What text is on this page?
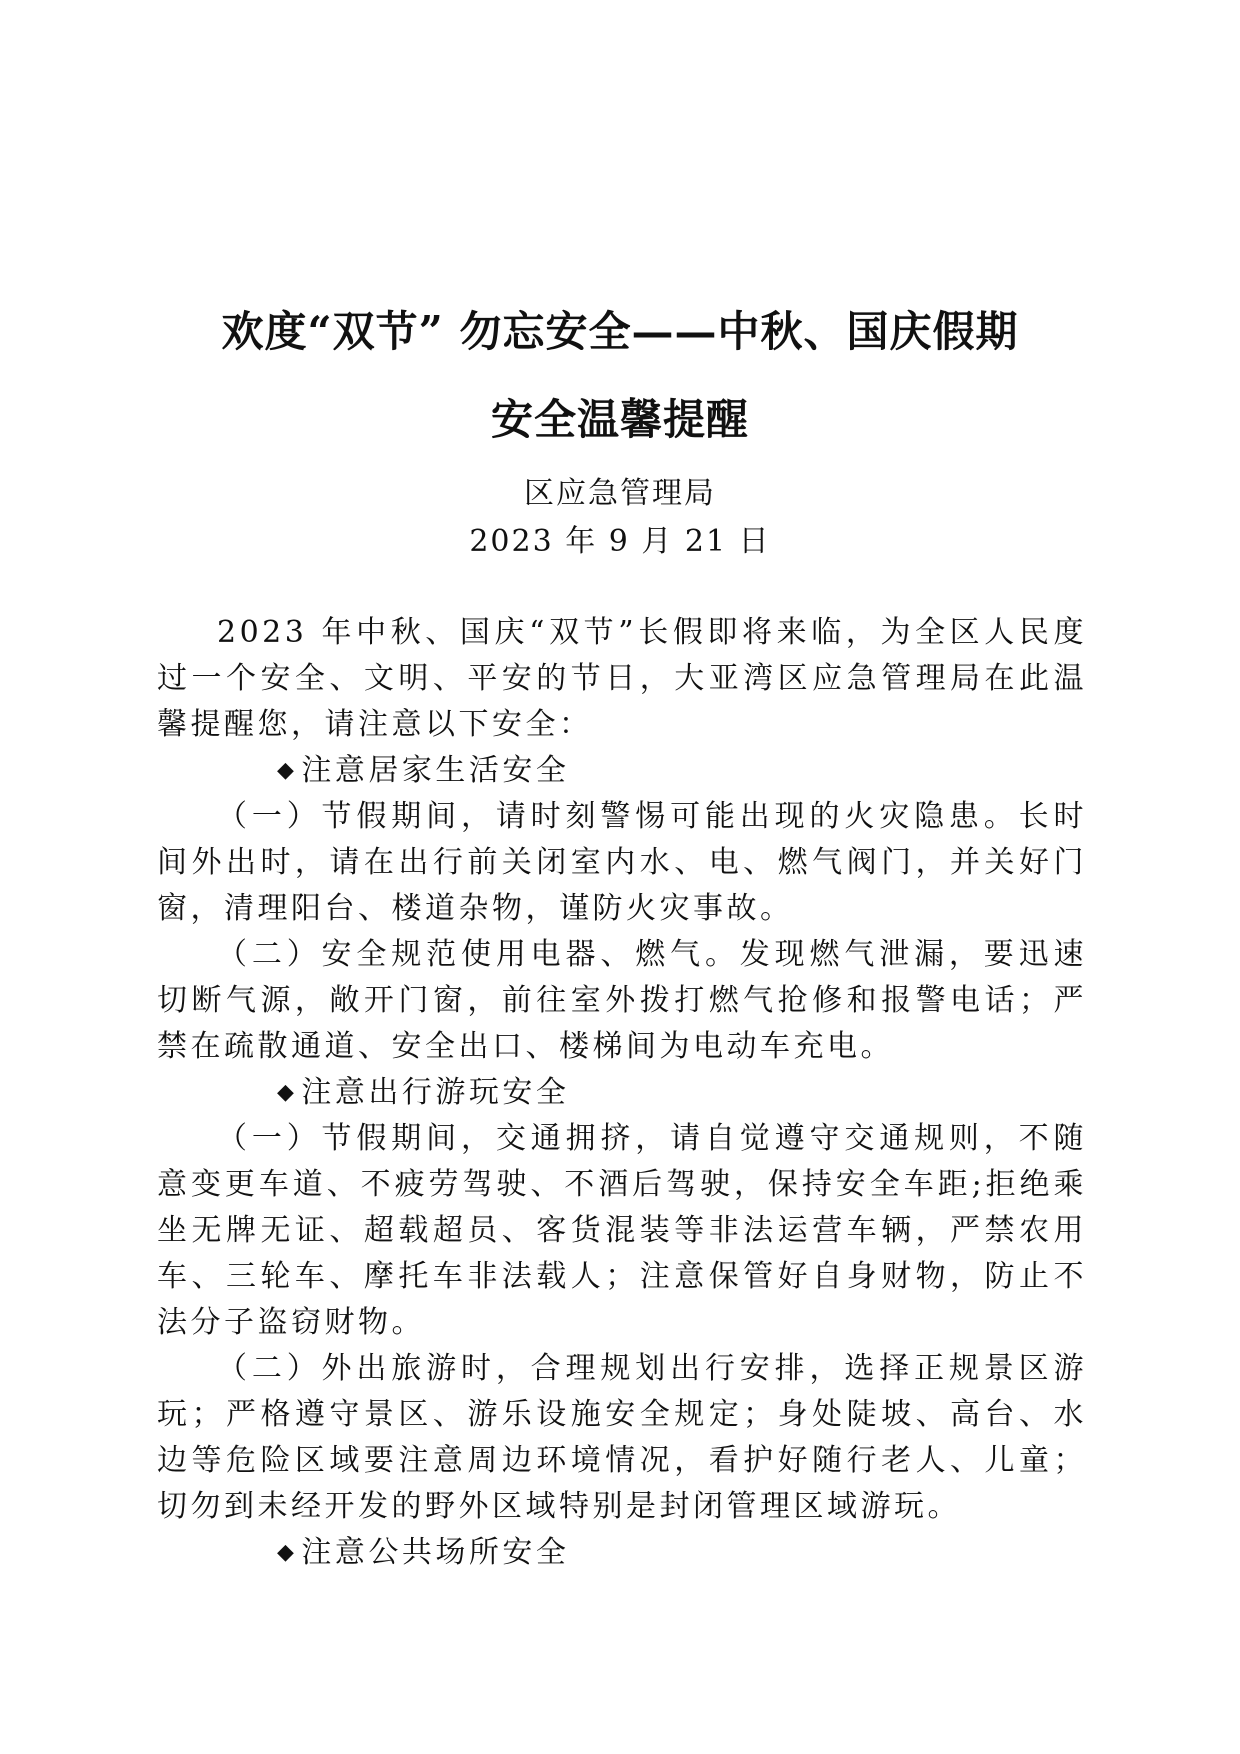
欢度“双节” 勿忘安全——中秋、国庆假期
安全温馨提醒
区应急管理局
2023 年 9 月 21 日

2023 年中秋、国庆“双节”长假即将来临，为全区人民度过一个安全、文明、平安的节日，大亚湾区应急管理局在此温馨提醒您，请注意以下安全：

◆ 注意居家生活安全

（一）节假期间，请时刻警惕可能出现的火灾隐患。长时间外出时，请在出行前关闭室内水、电、燃气阀门，并关好门窗，清理阳台、楼道杂物，谨防火灾事故。

（二）安全规范使用电器、燃气。发现燃气泄漏，要迅速切断气源，敞开门窗，前往室外拨打燃气抢修和报警电话；严禁在疏散通道、安全出口、楼梯间为电动车充电。

◆ 注意出行游玩安全

（一）节假期间，交通拥挤，请自觉遵守交通规则，不随意变更车道、不疲劳驾驶、不酒后驾驶，保持安全车距;拒绝乘坐无牌无证、超载超员、客货混装等非法运营车辆，严禁农用车、三轮车、摩托车非法载人；注意保管好自身财物，防止不法分子盗窃财物。

（二）外出旅游时，合理规划出行安排，选择正规景区游玩；严格遵守景区、游乐设施安全规定；身处陡坡、高台、水边等危险区域要注意周边环境情况，看护好随行老人、儿童；切勿到未经开发的野外区域特别是封闭管理区域游玩。

◆ 注意公共场所安全
